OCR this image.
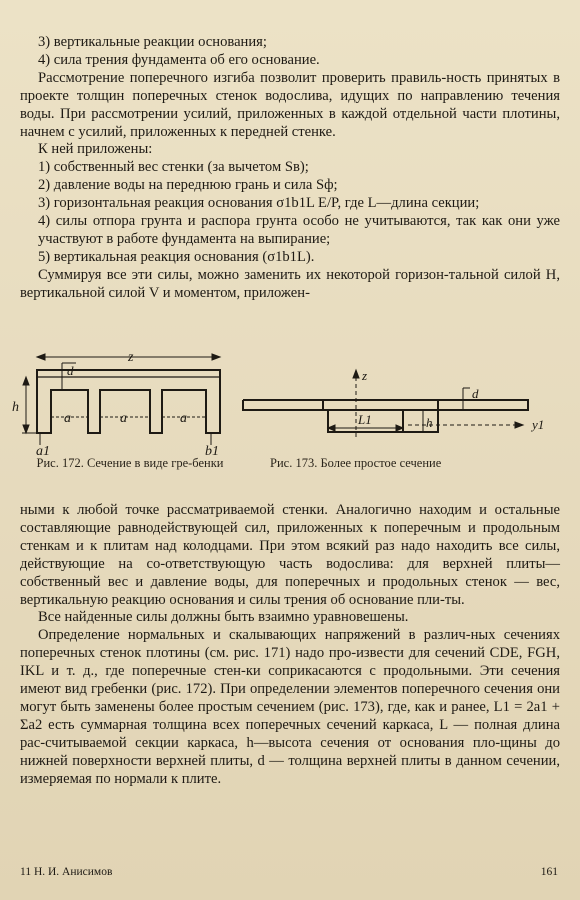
3) вертикальные реакции основания;

4) сила трения фундамента об его основание.

Рассмотрение поперечного изгиба позволит проверить правиль-ность принятых в проекте толщин поперечных стенок водослива, идущих по направлению течения воды. При рассмотрении усилий, приложенных в каждой отдельной части плотины, начнем с усилий, приложенных к передней стенке.

К ней приложены:

1) собственный вес стенки (за вычетом Sв);

2) давление воды на переднюю грань и сила Sф;

3) горизонтальная реакция основания σ1b1L E/P, где L—длина секции;

4) силы отпора грунта и распора грунта особо не учитываются, так как они уже участвуют в работе фундамента на выпирание;

5) вертикальная реакция основания (σ1b1L).

Суммируя все эти силы, можно заменить их некоторой горизон-тальной силой H, вертикальной силой V и моментом, приложен-

z
d
h
a	a	a
a1	b1
Рис. 172. Сечение в виде гре-бенки
z
d
L1	h	y1
Рис. 173. Более простое сечение

ными к любой точке рассматриваемой стенки. Аналогично находим и остальные составляющие равнодействующей сил, приложенных к поперечным и продольным стенкам и к плитам над колодцами. При этом всякий раз надо находить все силы, действующие на со-ответствующую часть водослива: для верхней плиты—собственный вес и давление воды, для поперечных и продольных стенок — вес, вертикальную реакцию основания и силы трения об основание пли-ты.

Все найденные силы должны быть взаимно уравновешены.

Определение нормальных и скалывающих напряжений в различ-ных сечениях поперечных стенок плотины (см. рис. 171) надо про-извести для сечений CDE, FGH, IKL и т. д., где поперечные стен-ки соприкасаются с продольными. Эти сечения имеют вид гребенки (рис. 172). При определении элементов поперечного сечения они могут быть заменены более простым сечением (рис. 173), где, как и ранее, L1 = 2a1 + Σa2 есть суммарная толщина всех поперечных сечений каркаса, L — полная длина рас-считываемой секции каркаса, h—высота сечения от основания пло-щины до нижней поверхности верхней плиты, d — толщина верхней плиты в данном сечении, измеряемая по нормали к плите.

11 Н. И. Анисимов	161
